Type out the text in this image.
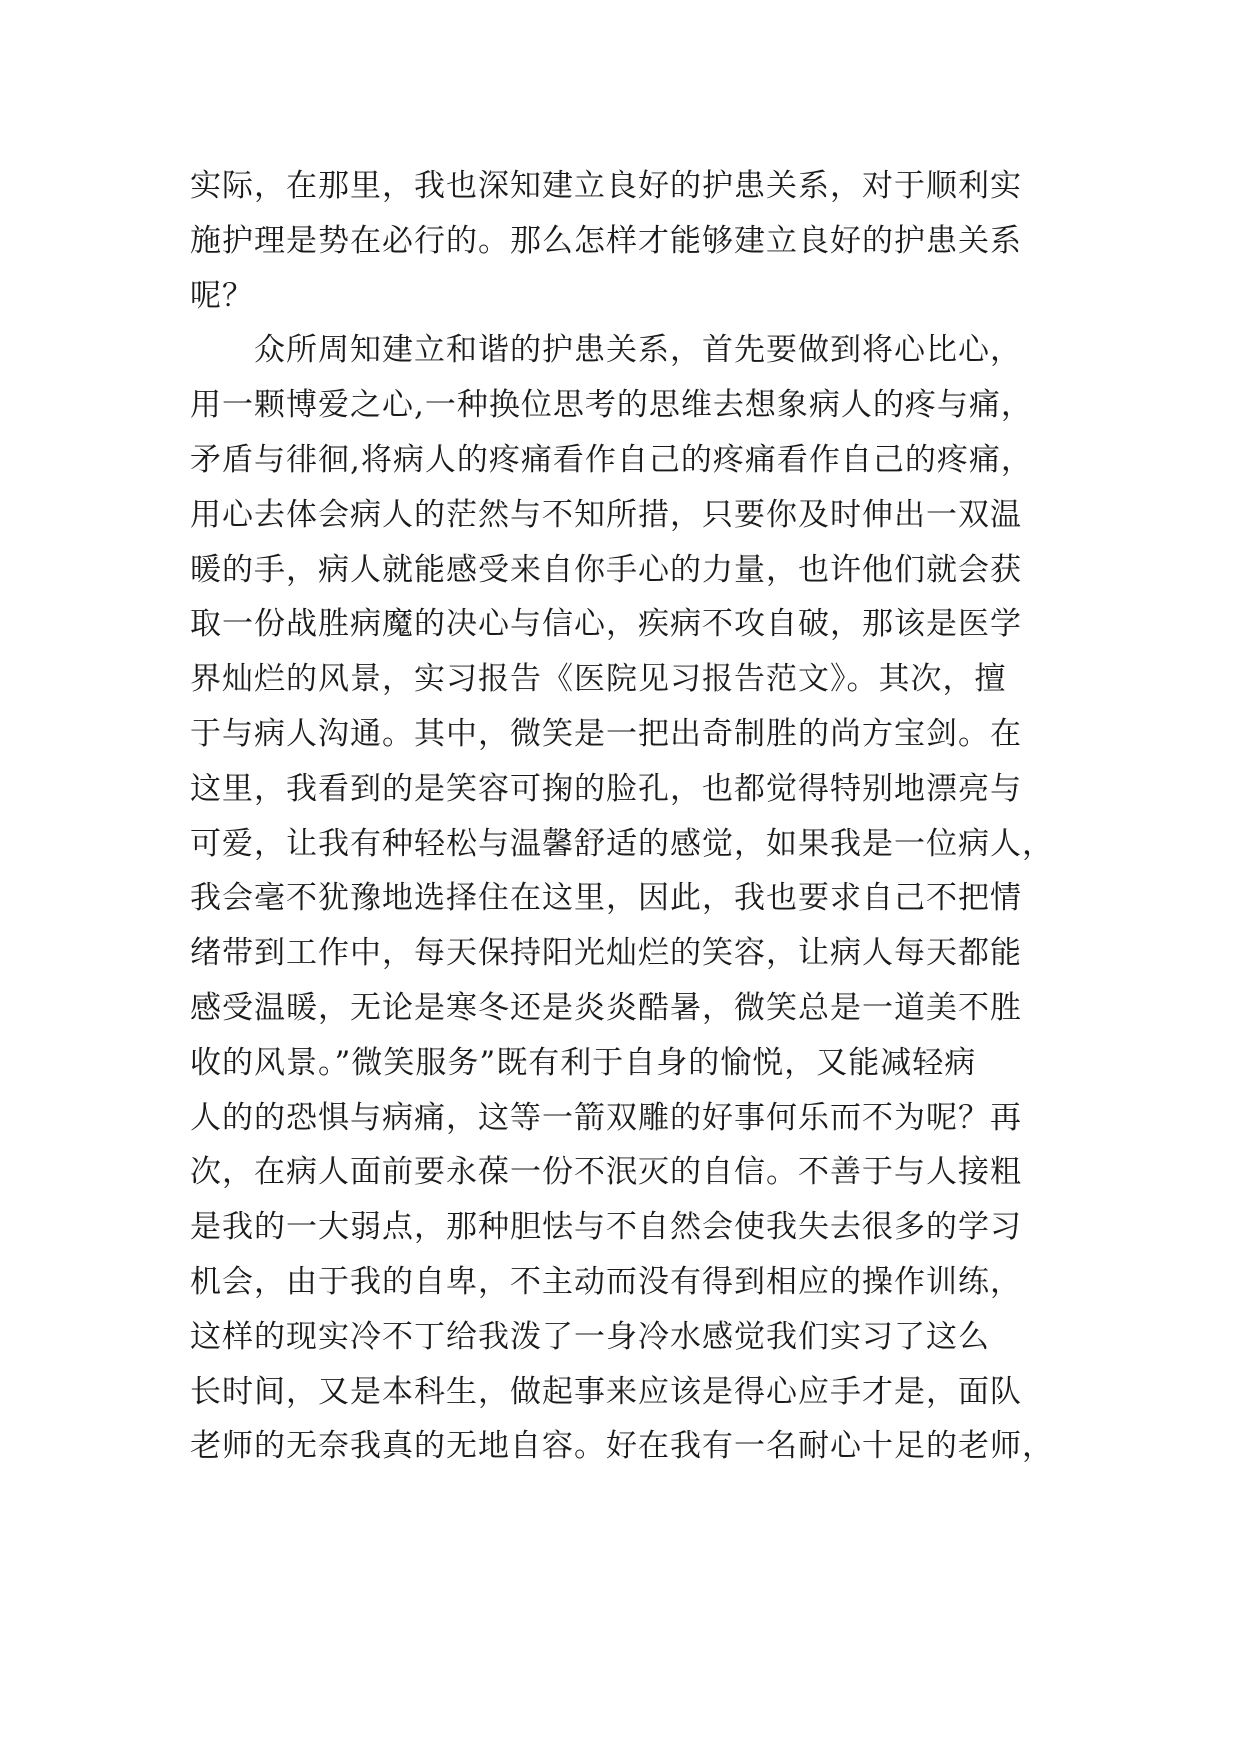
实际，在那里，我也深知建立良好的护患关系，对于顺利实
施护理是势在必行的。那么怎样才能够建立良好的护患关系
呢？
　　众所周知建立和谐的护患关系，首先要做到将心比心，
用一颗博爱之心,一种换位思考的思维去想象病人的疼与痛，
矛盾与徘徊,将病人的疼痛看作自己的疼痛看作自己的疼痛，
用心去体会病人的茫然与不知所措，只要你及时伸出一双温
暖的手，病人就能感受来自你手心的力量，也许他们就会获
取一份战胜病魔的决心与信心，疾病不攻自破，那该是医学
界灿烂的风景，实习报告《医院见习报告范文》。其次，擅
于与病人沟通。其中，微笑是一把出奇制胜的尚方宝剑。在
这里，我看到的是笑容可掬的脸孔，也都觉得特别地漂亮与
可爱，让我有种轻松与温馨舒适的感觉，如果我是一位病人，
我会毫不犹豫地选择住在这里，因此，我也要求自己不把情
绪带到工作中，每天保持阳光灿烂的笑容，让病人每天都能
感受温暖，无论是寒冬还是炎炎酷暑，微笑总是一道美不胜
收的风景。”微笑服务”既有利于自身的愉悦，又能减轻病
人的的恐惧与病痛，这等一箭双雕的好事何乐而不为呢？再
次，在病人面前要永葆一份不泯灭的自信。不善于与人接粗
是我的一大弱点，那种胆怯与不自然会使我失去很多的学习
机会，由于我的自卑，不主动而没有得到相应的操作训练，
这样的现实冷不丁给我泼了一身冷水感觉我们实习了这么
长时间，又是本科生，做起事来应该是得心应手才是，面队
老师的无奈我真的无地自容。好在我有一名耐心十足的老师，
